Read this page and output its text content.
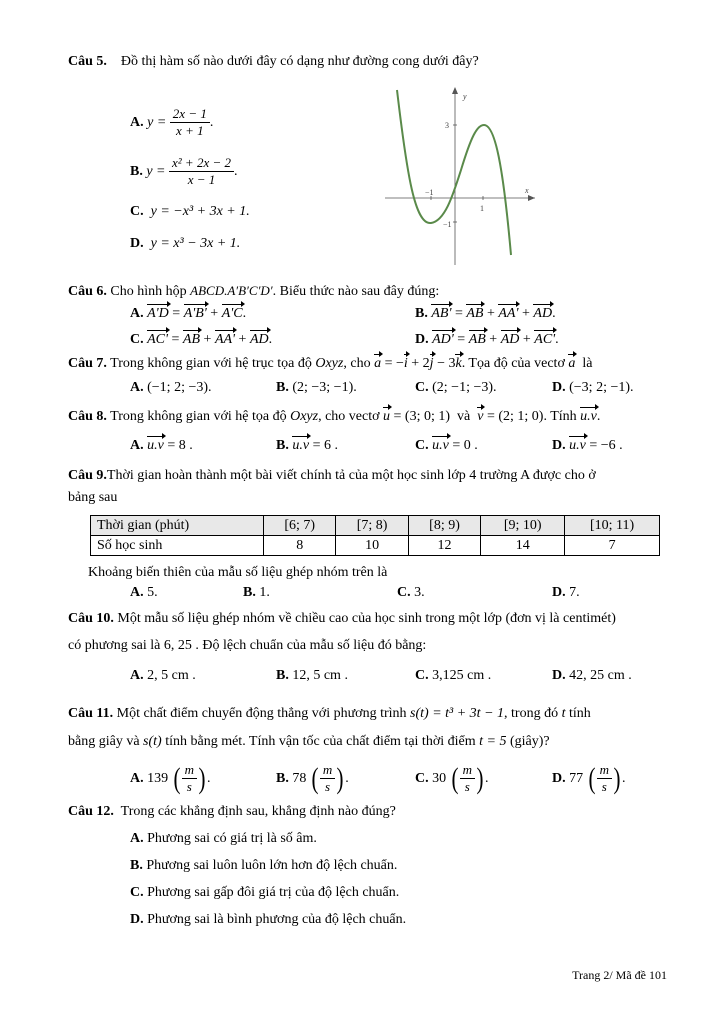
Câu 5. Đồ thị hàm số nào dưới đây có dạng như đường cong dưới đây?
A.
y =
$\frac{2x - 1}{x + 1}$ .
B.
y =
$\frac{\text{x² + 2x − 2}}{x - 1}$ .
C. y = −x³ + 3x + 1.
D. y = x³ − 3x + 1.
y
x
3
1
−1
−1
Câu 6. Cho hình hộp ABCD.A′B′C′D′. Biểu thức nào sau đây đúng:
A. A'D = A'B' + A'C.	B. AB' = AB + AA' + AD.
C. AC' = AB + AA' + AD.	D. AD' = AB + AD + AC'.
Câu 7. Trong không gian với hệ trục tọa độ Oxyz, cho a = −i + 2j − 3k. Tọa độ của vectơ a là
A. (−1; 2; −3).	B. (2; −3; −1).	C. (2; −1; −3).	D. (−3; 2; −1).
Câu 8. Trong không gian với hệ tọa độ Oxyz, cho vectơ u = (3; 0; 1) và v = (2; 1; 0). Tính u.v.
A. u.v = 8 .	B. u.v = 6 .	C. u.v = 0 .	D. u.v = −6 .
Câu 9.Thời gian hoàn thành một bài viết chính tả của một học sinh lớp 4 trường A được cho ở
bảng sau
Thời gian (phút)	[6; 7)	[7; 8)	[8; 9)	[9; 10)	[10; 11)
Số học sinh	8	10	12	14	7
Khoảng biến thiên của mẫu số liệu ghép nhóm trên là
A. 5.	B. 1.	C. 3.	D. 7.
Câu 10. Một mẫu số liệu ghép nhóm về chiều cao của học sinh trong một lớp (đơn vị là centimét)
có phương sai là 6, 25 . Độ lệch chuẩn của mẫu số liệu đó bằng:
A. 2, 5 cm .	B. 12, 5 cm .	C. 3,125 cm .	D. 42, 25 cm .
Câu 11. Một chất điểm chuyển động thẳng với phương trình s(t) = t³ + 3t − 1, trong đó t tính
bằng giây và s(t) tính bằng mét. Tính vận tốc của chất điểm tại thời điểm t = 5 (giây)?
A.
139
( $\frac{m}{s}$ ) .	B.
78
( $\frac{m}{s}$ ) .	C.
30
( $\frac{m}{s}$ ) .	D.
77
( $\frac{m}{s}$ ) .
Câu 12. Trong các khẳng định sau, khẳng định nào đúng?
A. Phương sai có giá trị là số âm.
B. Phương sai luôn luôn lớn hơn độ lệch chuẩn.
C. Phương sai gấp đôi giá trị của độ lệch chuẩn.
D. Phương sai là bình phương của độ lệch chuẩn.
Trang 2/ Mã đề 101
